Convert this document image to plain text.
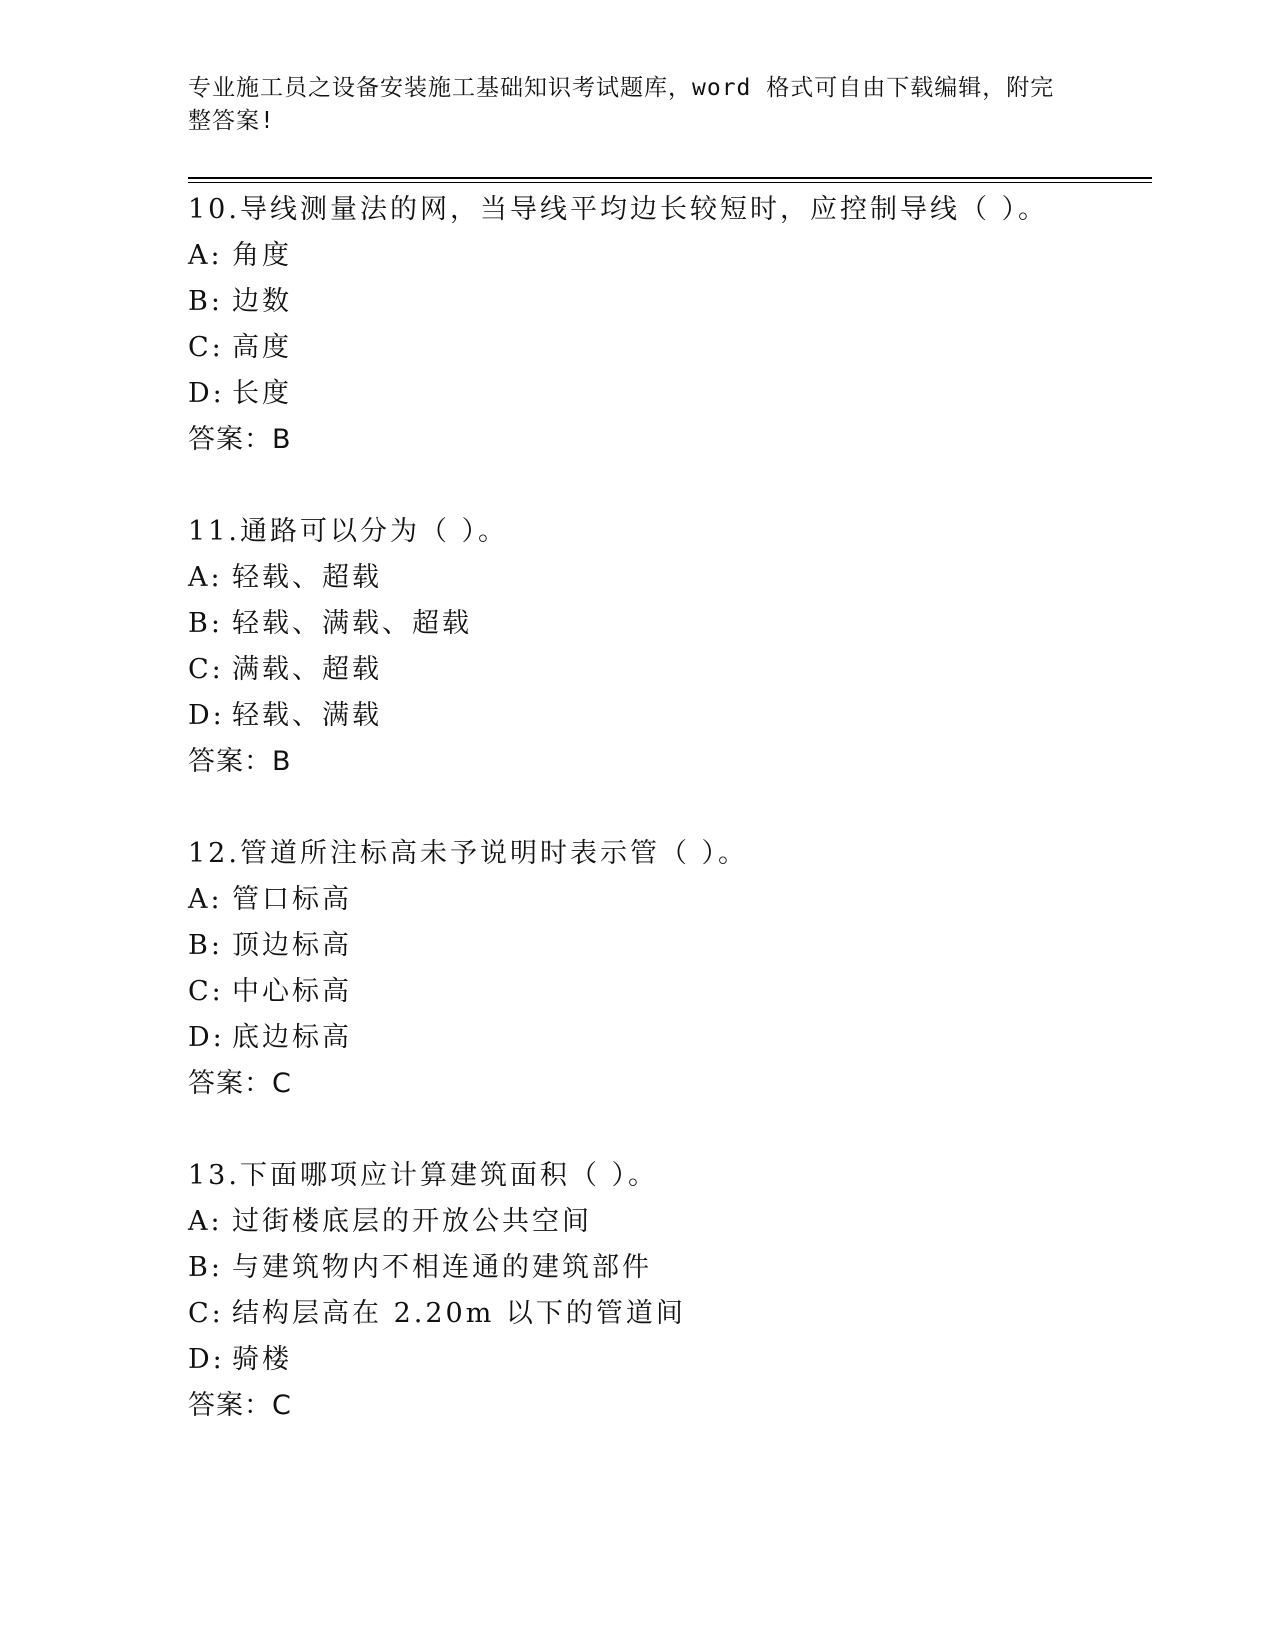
专业施工员之设备安装施工基础知识考试题库，word 格式可自由下载编辑，附完整答案!
10.导线测量法的网，当导线平均边长较短时，应控制导线（ ）。
A: 角度
B: 边数
C: 高度
D: 长度
答案：B
11.通路可以分为（ ）。
A: 轻载、超载
B: 轻载、满载、超载
C: 满载、超载
D: 轻载、满载
答案：B
12.管道所注标高未予说明时表示管（ ）。
A: 管口标高
B: 顶边标高
C: 中心标高
D: 底边标高
答案：C
13.下面哪项应计算建筑面积（ ）。
A: 过街楼底层的开放公共空间
B: 与建筑物内不相连通的建筑部件
C: 结构层高在 2.20m 以下的管道间
D: 骑楼
答案：C
